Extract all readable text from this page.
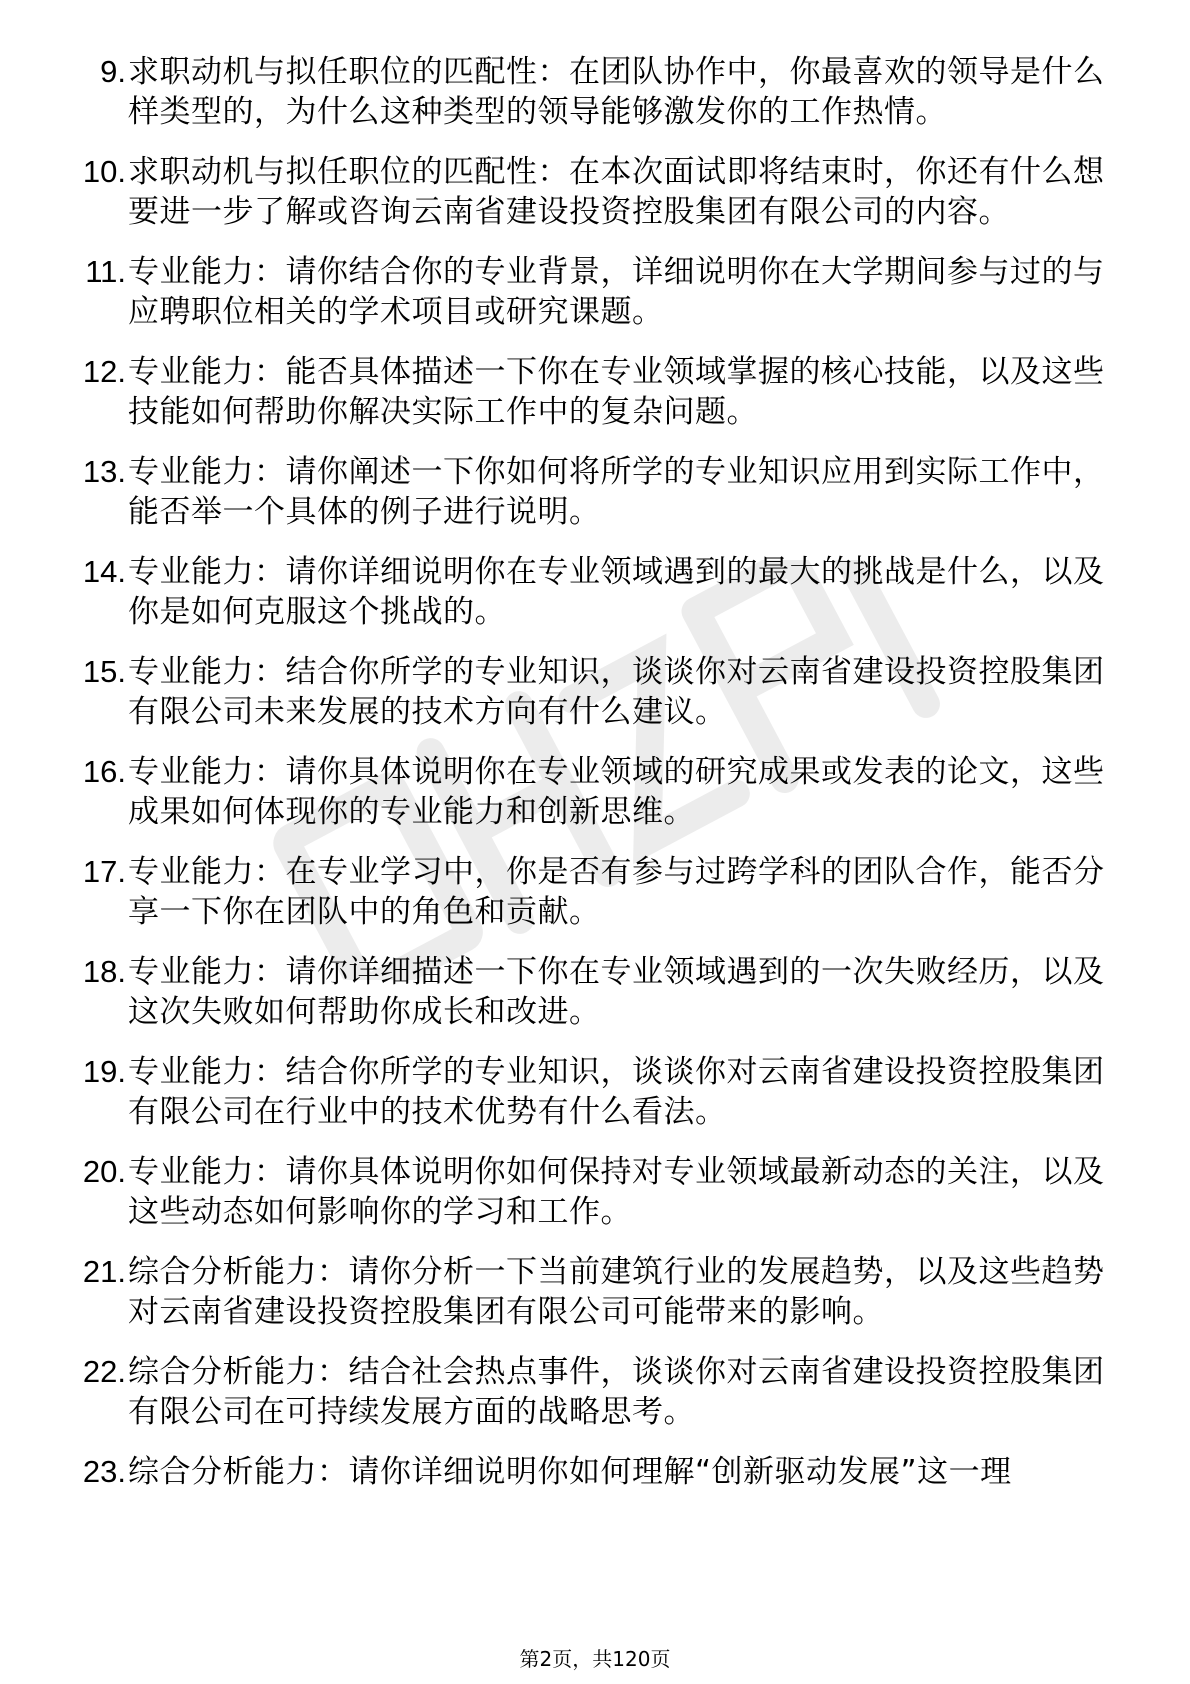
9. 求职动机与拟任职位的匹配性：在团队协作中，你最喜欢的领导是什么样类型的，为什么这种类型的领导能够激发你的工作热情。
10. 求职动机与拟任职位的匹配性：在本次面试即将结束时，你还有什么想要进一步了解或咨询云南省建设投资控股集团有限公司的内容。
11. 专业能力：请你结合你的专业背景，详细说明你在大学期间参与过的与应聘职位相关的学术项目或研究课题。
12. 专业能力：能否具体描述一下你在专业领域掌握的核心技能，以及这些技能如何帮助你解决实际工作中的复杂问题。
13. 专业能力：请你阐述一下你如何将所学的专业知识应用到实际工作中，能否举一个具体的例子进行说明。
14. 专业能力：请你详细说明你在专业领域遇到的最大的挑战是什么，以及你是如何克服这个挑战的。
15. 专业能力：结合你所学的专业知识，谈谈你对云南省建设投资控股集团有限公司未来发展的技术方向有什么建议。
16. 专业能力：请你具体说明你在专业领域的研究成果或发表的论文，这些成果如何体现你的专业能力和创新思维。
17. 专业能力：在专业学习中，你是否有参与过跨学科的团队合作，能否分享一下你在团队中的角色和贡献。
18. 专业能力：请你详细描述一下你在专业领域遇到的一次失败经历，以及这次失败如何帮助你成长和改进。
19. 专业能力：结合你所学的专业知识，谈谈你对云南省建设投资控股集团有限公司在行业中的技术优势有什么看法。
20. 专业能力：请你具体说明你如何保持对专业领域最新动态的关注，以及这些动态如何影响你的学习和工作。
21. 综合分析能力：请你分析一下当前建筑行业的发展趋势，以及这些趋势对云南省建设投资控股集团有限公司可能带来的影响。
22. 综合分析能力：结合社会热点事件，谈谈你对云南省建设投资控股集团有限公司在可持续发展方面的战略思考。
23. 综合分析能力：请你详细说明你如何理解“创新驱动发展”这一理
第2页，共120页
